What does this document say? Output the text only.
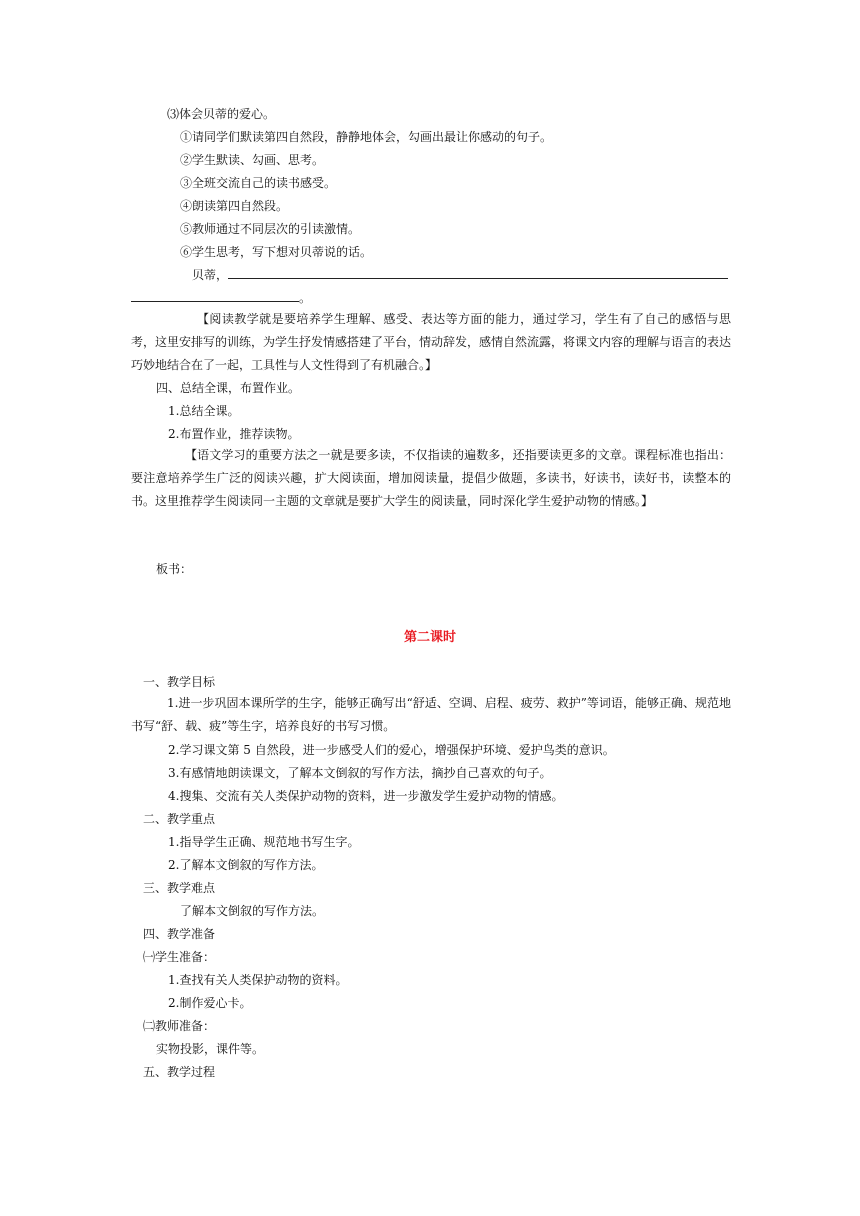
⑶体会贝蒂的爱心。
①请同学们默读第四自然段，静静地体会，勾画出最让你感动的句子。
②学生默读、勾画、思考。
③全班交流自己的读书感受。
④朗读第四自然段。
⑤教师通过不同层次的引读激情。
⑥学生思考，写下想对贝蒂说的话。
贝蒂，
。
【阅读教学就是要培养学生理解、感受、表达等方面的能力，通过学习，学生有了自己的感悟与思考，这里安排写的训练，为学生抒发情感搭建了平台，情动辞发，感情自然流露，将课文内容的理解与语言的表达巧妙地结合在了一起，工具性与人文性得到了有机融合。】
四、总结全课，布置作业。
1.总结全课。
2.布置作业，推荐读物。
【语文学习的重要方法之一就是要多读，不仅指读的遍数多，还指要读更多的文章。课程标准也指出：要注意培养学生广泛的阅读兴趣，扩大阅读面，增加阅读量，提倡少做题，多读书，好读书，读好书，读整本的书。这里推荐学生阅读同一主题的文章就是要扩大学生的阅读量，同时深化学生爱护动物的情感。】
板书：
第二课时
一、教学目标
1.进一步巩固本课所学的生字，能够正确写出“舒适、空调、启程、疲劳、救护”等词语，能够正确、规范地书写“舒、载、疲”等生字，培养良好的书写习惯。
2.学习课文第 5 自然段，进一步感受人们的爱心，增强保护环境、爱护鸟类的意识。
3.有感情地朗读课文，了解本文倒叙的写作方法，摘抄自己喜欢的句子。
4.搜集、交流有关人类保护动物的资料，进一步激发学生爱护动物的情感。
二、教学重点
1.指导学生正确、规范地书写生字。
2.了解本文倒叙的写作方法。
三、教学难点
了解本文倒叙的写作方法。
四、教学准备
㈠学生准备：
1.查找有关人类保护动物的资料。
2.制作爱心卡。
㈡教师准备：
实物投影，课件等。
五、教学过程
